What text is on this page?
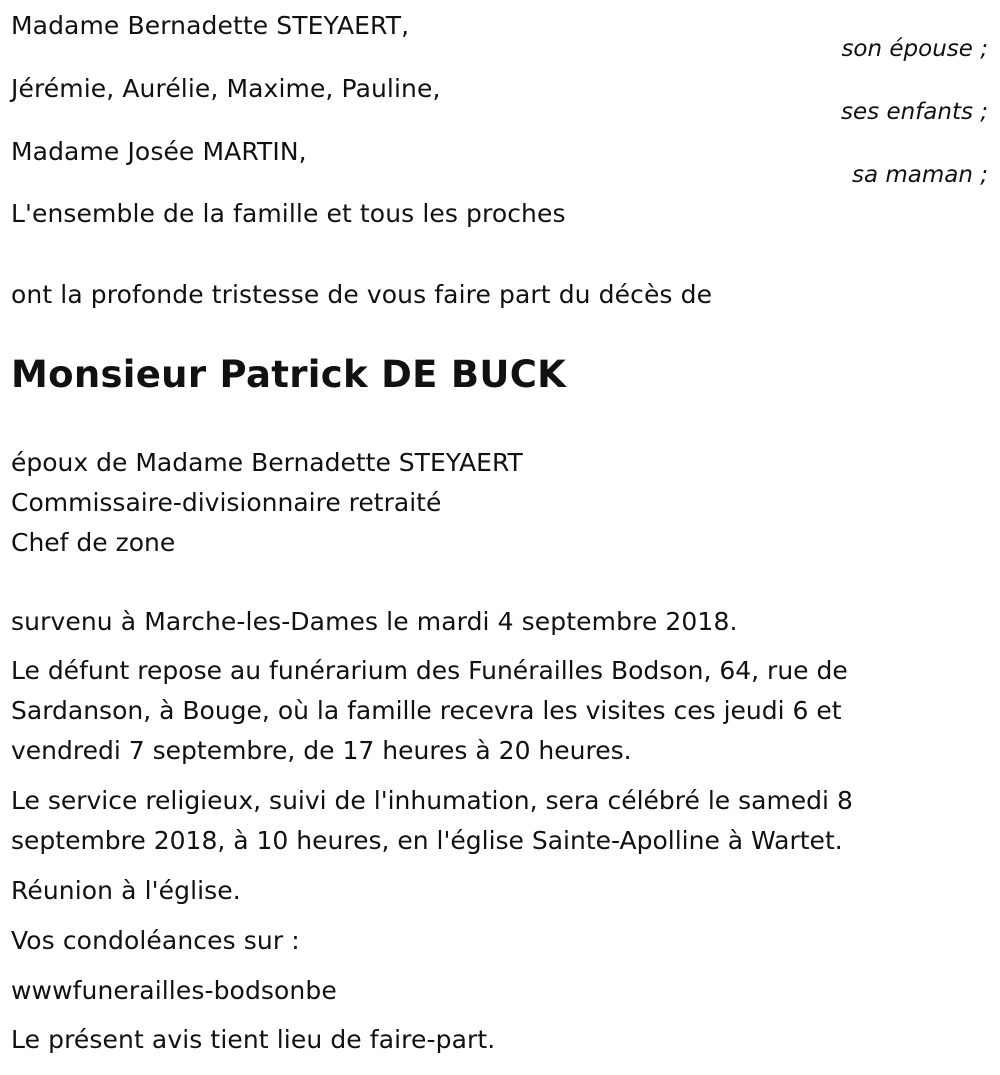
Madame Bernadette STEYAERT,
son épouse ;
Jérémie, Aurélie, Maxime, Pauline,
ses enfants ;
Madame Josée MARTIN,
sa maman ;
L'ensemble de la famille et tous les proches
ont la profonde tristesse de vous faire part du décès de
Monsieur Patrick DE BUCK
époux de Madame Bernadette STEYAERT
Commissaire-divisionnaire retraité
Chef de zone
survenu à Marche-les-Dames le mardi 4 septembre 2018.
Le défunt repose au funérarium des Funérailles Bodson, 64, rue de
Sardanson, à Bouge, où la famille recevra les visites ces jeudi 6 et
vendredi 7 septembre, de 17 heures à 20 heures.
Le service religieux, suivi de l'inhumation, sera célébré le samedi 8
septembre 2018, à 10 heures, en l'église Sainte-Apolline à Wartet.
Réunion à l'église.
Vos condoléances sur :
wwwfunerailles-bodsonbe
Le présent avis tient lieu de faire-part.
